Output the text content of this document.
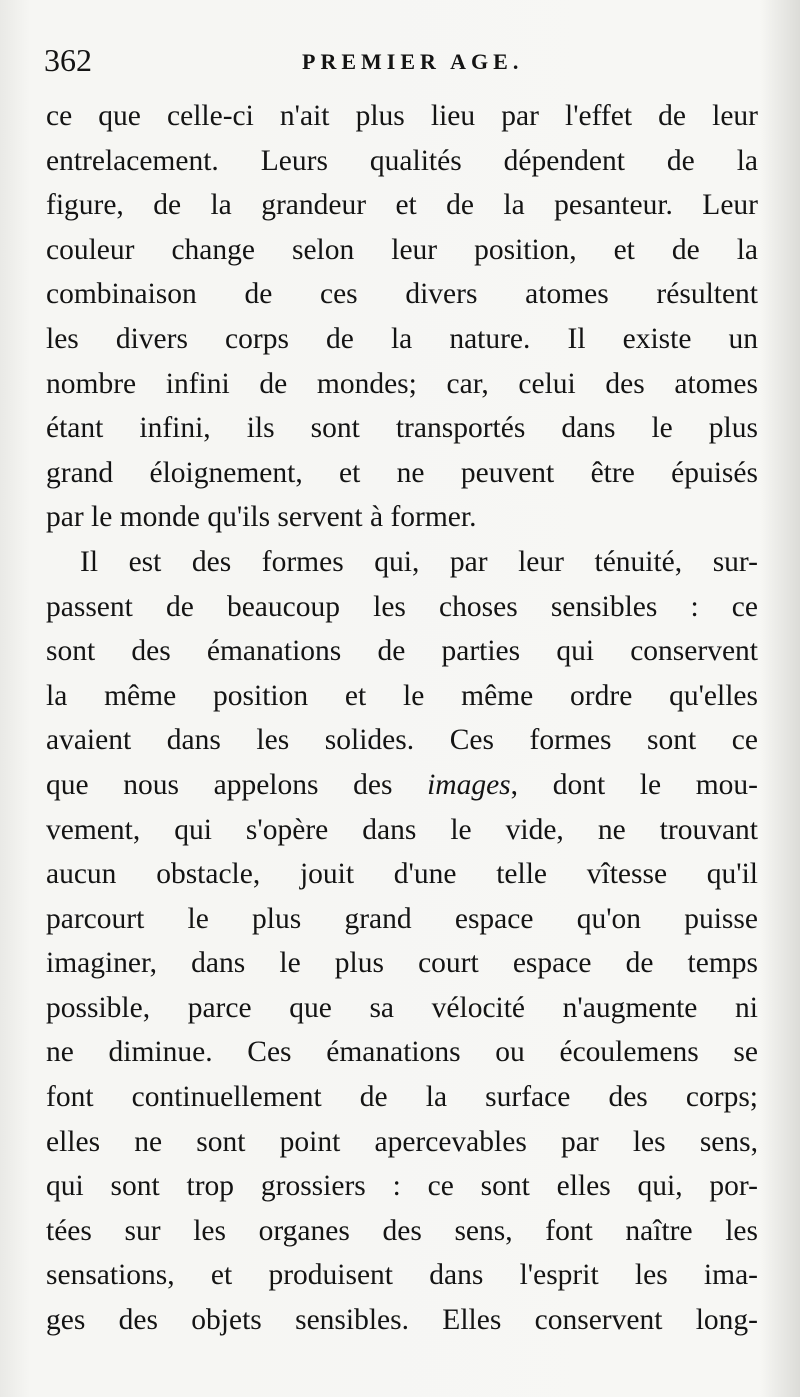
362	PREMIER AGE.
ce que celle-ci n'ait plus lieu par l'effet de leur
entrelacement. Leurs qualités dépendent de la
figure, de la grandeur et de la pesanteur. Leur
couleur change selon leur position, et de la
combinaison de ces divers atomes résultent
les divers corps de la nature. Il existe un
nombre infini de mondes; car, celui des atomes
étant infini, ils sont transportés dans le plus
grand éloignement, et ne peuvent être épuisés
par le monde qu'ils servent à former.
Il est des formes qui, par leur ténuité, sur-
passent de beaucoup les choses sensibles : ce
sont des émanations de parties qui conservent
la même position et le même ordre qu'elles
avaient dans les solides. Ces formes sont ce
que nous appelons des images, dont le mou-
vement, qui s'opère dans le vide, ne trouvant
aucun obstacle, jouit d'une telle vîtesse qu'il
parcourt le plus grand espace qu'on puisse
imaginer, dans le plus court espace de temps
possible, parce que sa vélocité n'augmente ni
ne diminue. Ces émanations ou écoulemens se
font continuellement de la surface des corps;
elles ne sont point apercevables par les sens,
qui sont trop grossiers : ce sont elles qui, por-
tées sur les organes des sens, font naître les
sensations, et produisent dans l'esprit les ima-
ges des objets sensibles. Elles conservent long-
